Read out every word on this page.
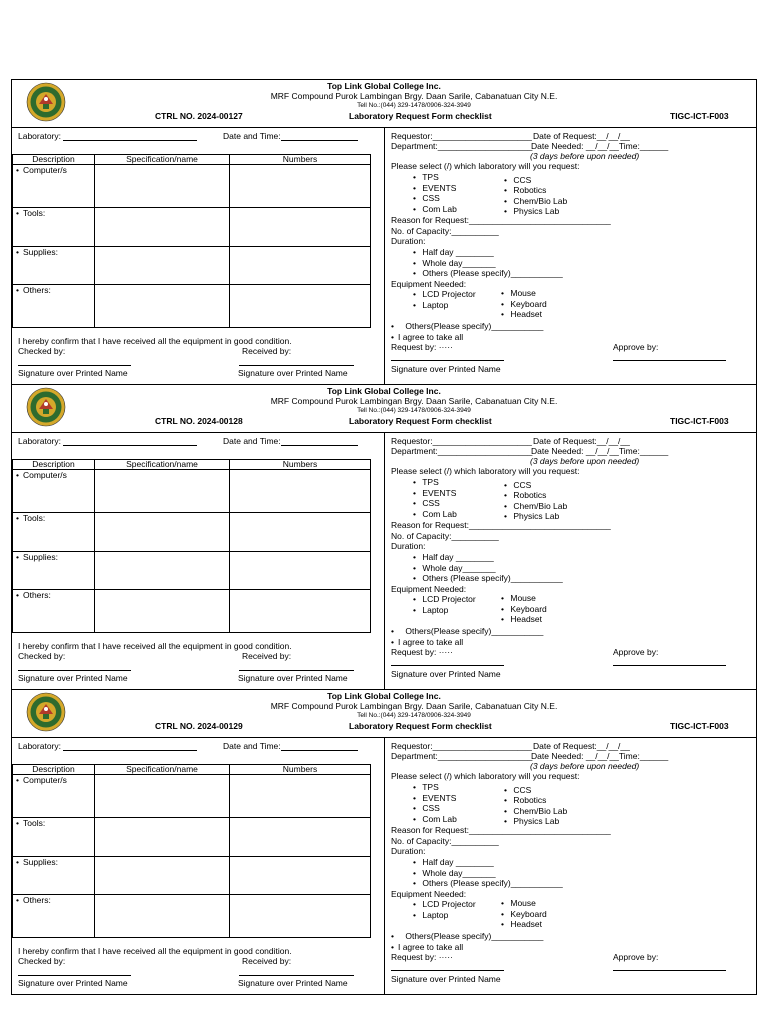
Top Link Global College Inc.
MRF Compound Purok Lambingan Brgy. Daan Sarile, Cabanatuan City N.E.
Tell No.:(044) 329-1478/0906-324-3949
CTRL NO. 2024-00127	Laboratory Request Form checklist	TIGC-ICT-F003
Laboratory:	Date and Time:
Description	Specification/name	Numbers
• Computer/s		
• Tools:		
• Supplies:		
• Others:		
I hereby confirm that I have received all the equipment in good condition.
Checked by:	Received by:
Signature over Printed Name	Signature over Printed Name
Requestor:_____________________ Date of Request:__/__/__
Department:____________________
Date Needed: __/__/__Time:______
(3 days before upon needed)
Please select (/) which laboratory will you request:
• TPS
• EVENTS
• CSS
• Com Lab
• CCS
• Robotics
• Chem/Bio Lab
• Physics Lab
Reason for Request:______________________________
No. of Capacity:__________
Duration:
• Half day ________
• Whole day_______
• Others (Please specify)___________
Equipment Needed:
• LCD Projector
• Laptop
• Mouse
• Keyboard
• Headset
• Others(Please specify)___________
• I agree to take all
Request by: ·····	Approve by:
Signature over Printed Name
Top Link Global College Inc.
MRF Compound Purok Lambingan Brgy. Daan Sarile, Cabanatuan City N.E.
Tell No.:(044) 329-1478/0906-324-3949
CTRL NO. 2024-00128	Laboratory Request Form checklist	TIGC-ICT-F003
Laboratory:	Date and Time:
Description	Specification/name	Numbers
• Computer/s		
• Tools:		
• Supplies:		
• Others:		
I hereby confirm that I have received all the equipment in good condition.
Checked by:	Received by:
Signature over Printed Name	Signature over Printed Name
Requestor:_____________________ Date of Request:__/__/__
Department:____________________
Date Needed: __/__/__Time:______
(3 days before upon needed)
Please select (/) which laboratory will you request:
• TPS
• EVENTS
• CSS
• Com Lab
• CCS
• Robotics
• Chem/Bio Lab
• Physics Lab
Reason for Request:______________________________
No. of Capacity:__________
Duration:
• Half day ________
• Whole day_______
• Others (Please specify)___________
Equipment Needed:
• LCD Projector
• Laptop
• Mouse
• Keyboard
• Headset
• Others(Please specify)___________
• I agree to take all
Request by: ·····	Approve by:
Signature over Printed Name
Top Link Global College Inc.
MRF Compound Purok Lambingan Brgy. Daan Sarile, Cabanatuan City N.E.
Tell No.:(044) 329-1478/0906-324-3949
CTRL NO. 2024-00129	Laboratory Request Form checklist	TIGC-ICT-F003
Laboratory:	Date and Time:
Description	Specification/name	Numbers
• Computer/s		
• Tools:		
• Supplies:		
• Others:		
I hereby confirm that I have received all the equipment in good condition.
Checked by:	Received by:
Signature over Printed Name	Signature over Printed Name
Requestor:_____________________ Date of Request:__/__/__
Department:____________________
Date Needed: __/__/__Time:______
(3 days before upon needed)
Please select (/) which laboratory will you request:
• TPS
• EVENTS
• CSS
• Com Lab
• CCS
• Robotics
• Chem/Bio Lab
• Physics Lab
Reason for Request:______________________________
No. of Capacity:__________
Duration:
• Half day ________
• Whole day_______
• Others (Please specify)___________
Equipment Needed:
• LCD Projector
• Laptop
• Mouse
• Keyboard
• Headset
• Others(Please specify)___________
• I agree to take all
Request by: ·····	Approve by:
Signature over Printed Name
